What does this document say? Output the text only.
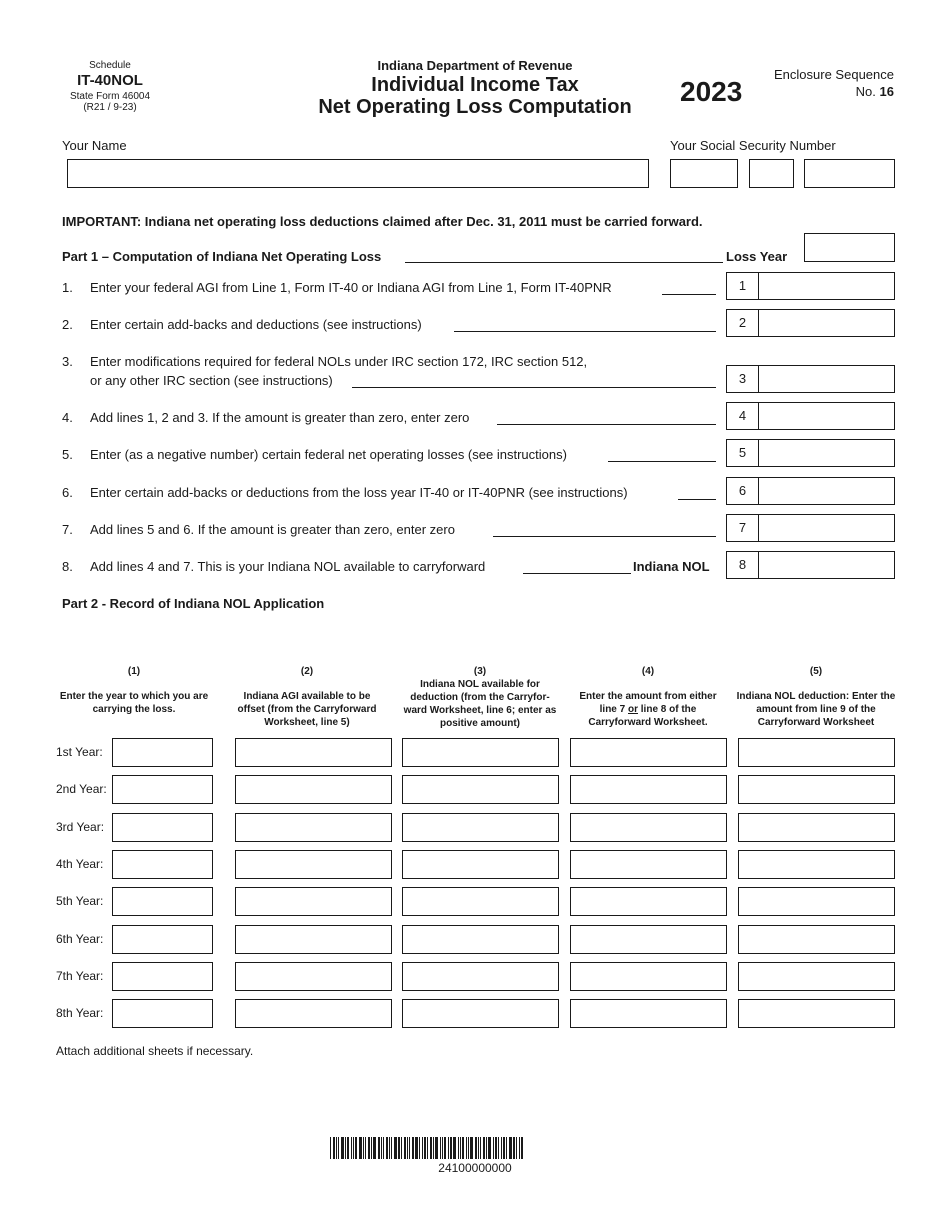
Schedule
IT-40NOL
State Form 46004
(R21 / 9-23)
Indiana Department of Revenue
Individual Income Tax
Net Operating Loss Computation	2023
Enclosure Sequence
No. 16
Your Name	Your Social Security Number
IMPORTANT: Indiana net operating loss deductions claimed after Dec. 31, 2011 must be carried forward.
Part 1 – Computation of Indiana Net Operating Loss	Loss Year
1. Enter your federal AGI from Line 1, Form IT-40 or Indiana AGI from Line 1, Form IT-40PNR	1
2. Enter certain add-backs and deductions (see instructions)	2
3. Enter modifications required for federal NOLs under IRC section 172, IRC section 512,
or any other IRC section (see instructions)	3
4. Add lines 1, 2 and 3. If the amount is greater than zero, enter zero	4
5. Enter (as a negative number) certain federal net operating losses (see instructions)	5
6. Enter certain add-backs or deductions from the loss year IT-40 or IT-40PNR (see instructions)	6
7. Add lines 5 and 6. If the amount is greater than zero, enter zero	7
8. Add lines 4 and 7. This is your Indiana NOL available to carryforward	Indiana NOL	8
Part 2 - Record of Indiana NOL Application
(1)
Enter the year to which you are carrying the loss.
(2)
Indiana AGI available to be offset (from the Carryforward Worksheet, line 5)
(3)
Indiana NOL available for deduction (from the Carryfor-ward Worksheet, line 6; enter as positive amount)
(4)
Enter the amount from either line 7 or line 8 of the Carryforward Worksheet.
(5)
Indiana NOL deduction: Enter the amount from line 9 of the Carryforward Worksheet
1st Year:
2nd Year:
3rd Year:
4th Year:
5th Year:
6th Year:
7th Year:
8th Year:
Attach additional sheets if necessary.
24100000000
